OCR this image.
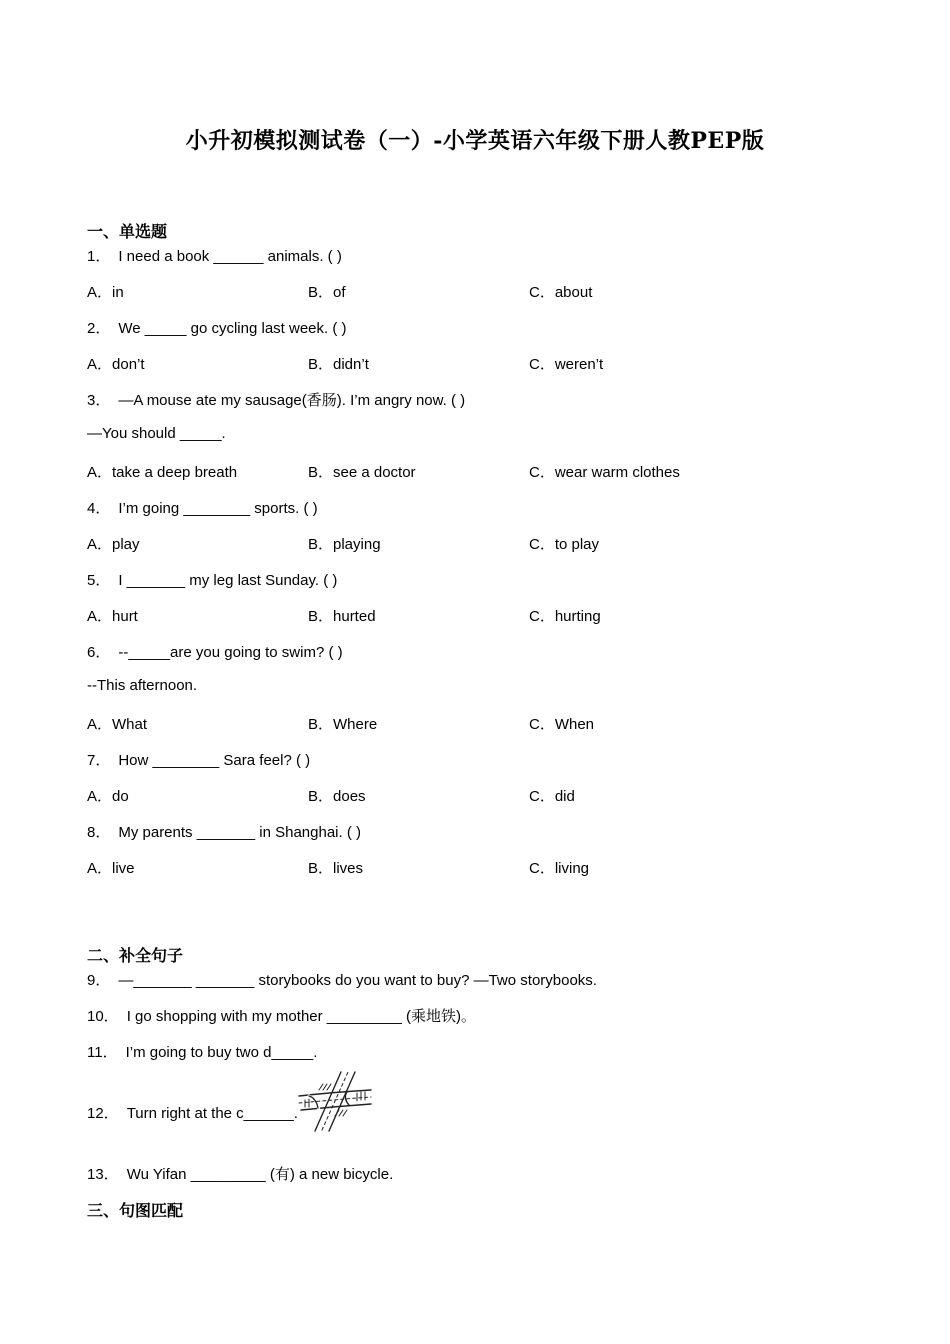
小升初模拟测试卷（一）-小学英语六年级下册人教PEP版
一、单选题
1． I need a book ______ animals. ( )
A．in	B．of	C．about
2． We _____ go cycling last week. ( )
A．don’t	B．didn’t	C．weren’t
3． —A mouse ate my sausage(香肠). I’m angry now. ( )
—You should _____.
A．take a deep breath	B．see a doctor	C．wear warm clothes
4． I’m going ________ sports. ( )
A．play	B．playing	C．to play
5． I _______ my leg last Sunday. ( )
A．hurt	B．hurted	C．hurting
6． --_____are you going to swim? ( )
--This afternoon.
A．What	B．Where	C．When
7． How ________ Sara feel? ( )
A．do	B．does	C．did
8． My parents _______ in Shanghai. ( )
A．live	B．lives	C．living
二、补全句子
9． —_______ _______ storybooks do you want to buy? —Two storybooks.
10． I go shopping with my mother _________ (乘地铁)。
11． I’m going to buy two d_____.
12． Turn right at the c______.
13． Wu Yifan _________ (有) a new bicycle.
三、句图匹配
